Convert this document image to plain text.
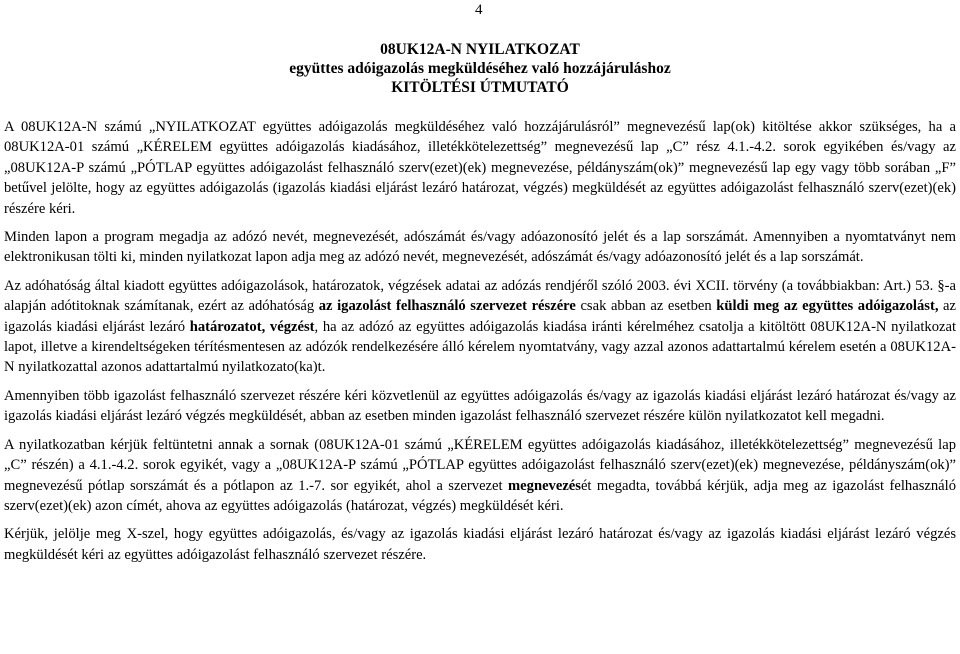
4
08UK12A-N NYILATKOZAT
együttes adóigazolás megküldéséhez való hozzájáruláshoz
KITÖLTÉSI ÚTMUTATÓ

A 08UK12A-N számú „NYILATKOZAT együttes adóigazolás megküldéséhez való hozzájárulásról” megnevezésű lap(ok) kitöltése akkor szükséges, ha a 08UK12A-01 számú „KÉRELEM együttes adóigazolás kiadásához, illetékkötelezettség” megnevezésű lap „C” rész 4.1.-4.2. sorok egyikében és/vagy az „08UK12A-P számú „PÓTLAP együttes adóigazolást felhasználó szerv(ezet)(ek) megnevezése, példányszám(ok)” megnevezésű lap egy vagy több sorában „F” betűvel jelölte, hogy az együttes adóigazolás (igazolás kiadási eljárást lezáró határozat, végzés) megküldését az együttes adóigazolást felhasználó szerv(ezet)(ek) részére kéri.

Minden lapon a program megadja az adózó nevét, megnevezését, adószámát és/vagy adóazonosító jelét és a lap sorszámát. Amennyiben a nyomtatványt nem elektronikusan tölti ki, minden nyilatkozat lapon adja meg az adózó nevét, megnevezését, adószámát és/vagy adóazonosító jelét és a lap sorszámát.

Az adóhatóság által kiadott együttes adóigazolások, határozatok, végzések adatai az adózás rendjéről szóló 2003. évi XCII. törvény (a továbbiakban: Art.) 53. §-a alapján adótitoknak számítanak, ezért az adóhatóság az igazolást felhasználó szervezet részére csak abban az esetben küldi meg az együttes adóigazolást, az igazolás kiadási eljárást lezáró határozatot, végzést, ha az adózó az együttes adóigazolás kiadása iránti kérelméhez csatolja a kitöltött 08UK12A-N nyilatkozat lapot, illetve a kirendeltségeken térítésmentesen az adózók rendelkezésére álló kérelem nyomtatvány, vagy azzal azonos adattartalmú kérelem esetén a 08UK12A-N nyilatkozattal azonos adattartalmú nyilatkozato(ka)t.

Amennyiben több igazolást felhasználó szervezet részére kéri közvetlenül az együttes adóigazolás és/vagy az igazolás kiadási eljárást lezáró határozat és/vagy az igazolás kiadási eljárást lezáró végzés megküldését, abban az esetben minden igazolást felhasználó szervezet részére külön nyilatkozatot kell megadni.

A nyilatkozatban kérjük feltüntetni annak a sornak (08UK12A-01 számú „KÉRELEM együttes adóigazolás kiadásához, illetékkötelezettség” megnevezésű lap „C” részén) a 4.1.-4.2. sorok egyikét, vagy a „08UK12A-P számú „PÓTLAP együttes adóigazolást felhasználó szerv(ezet)(ek) megnevezése, példányszám(ok)” megnevezésű pótlap sorszámát és a pótlapon az 1.-7. sor egyikét, ahol a szervezet megnevezését megadta, továbbá kérjük, adja meg az igazolást felhasználó szerv(ezet)(ek) azon címét, ahova az együttes adóigazolás (határozat, végzés) megküldését kéri.

Kérjük, jelölje meg X-szel, hogy együttes adóigazolás, és/vagy az igazolás kiadási eljárást lezáró határozat és/vagy az igazolás kiadási eljárást lezáró végzés megküldését kéri az együttes adóigazolást felhasználó szervezet részére.
